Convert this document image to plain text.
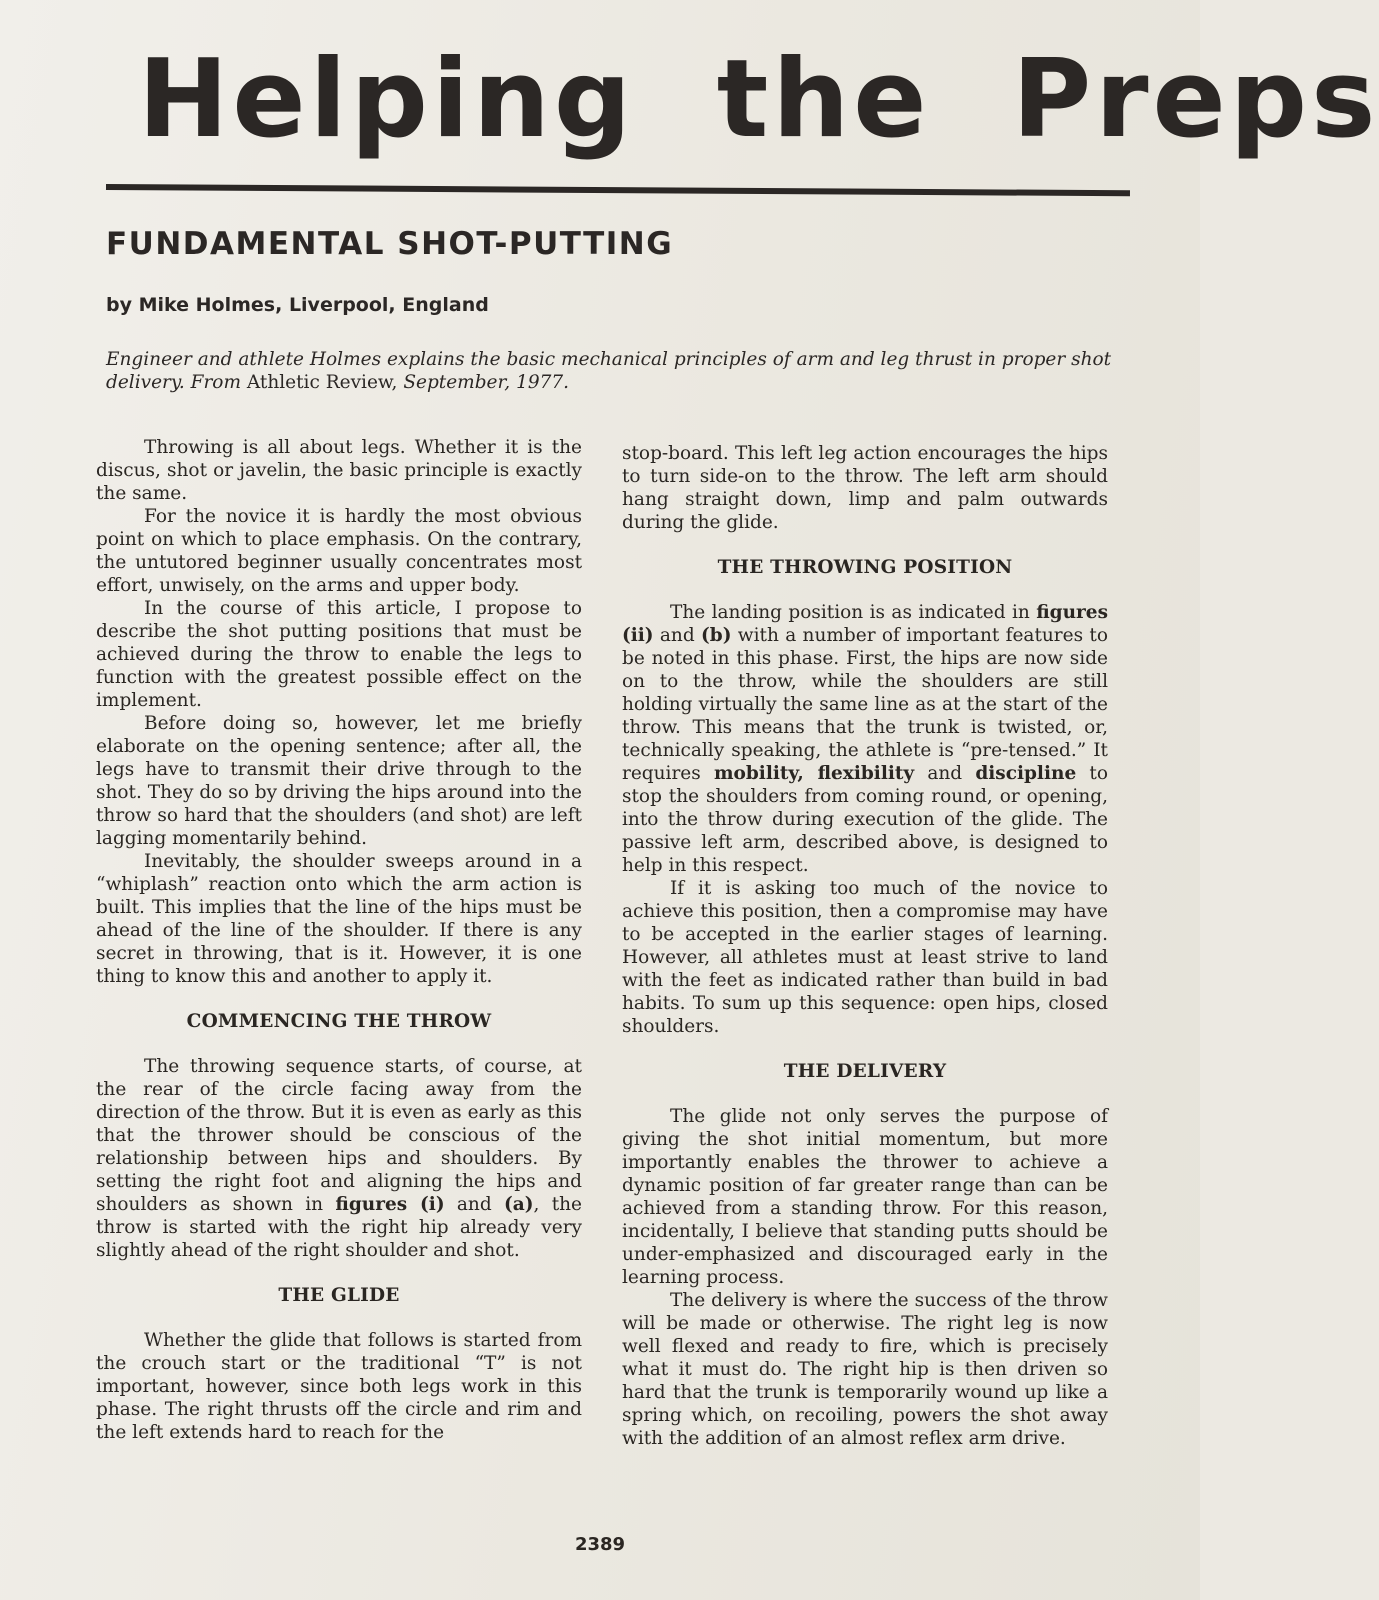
Helping the Preps
FUNDAMENTAL SHOT-PUTTING
by Mike Holmes, Liverpool, England
Engineer and athlete Holmes explains the basic mechanical principles of arm and leg thrust in proper shot delivery. From Athletic Review, September, 1977.

Throwing is all about legs. Whether it is the discus, shot or javelin, the basic principle is exactly the same.

For the novice it is hardly the most obvious point on which to place emphasis. On the contrary, the untutored beginner usually concentrates most effort, unwisely, on the arms and upper body.

In the course of this article, I propose to describe the shot putting positions that must be achieved during the throw to enable the legs to function with the greatest possible effect on the implement.

Before doing so, however, let me briefly elaborate on the opening sentence; after all, the legs have to transmit their drive through to the shot. They do so by driving the hips around into the throw so hard that the shoulders (and shot) are left lagging momentarily behind.

Inevitably, the shoulder sweeps around in a “whiplash” reaction onto which the arm action is built. This implies that the line of the hips must be ahead of the line of the shoulder. If there is any secret in throwing, that is it. However, it is one thing to know this and another to apply it.

COMMENCING THE THROW

The throwing sequence starts, of course, at the rear of the circle facing away from the direction of the throw. But it is even as early as this that the thrower should be conscious of the relationship between hips and shoulders. By setting the right foot and aligning the hips and shoulders as shown in figures (i) and (a), the throw is started with the right hip already very slightly ahead of the right shoulder and shot.

THE GLIDE

Whether the glide that follows is started from the crouch start or the traditional “T” is not important, however, since both legs work in this phase. The right thrusts off the circle and rim and the left extends hard to reach for the

stop-board. This left leg action encourages the hips to turn side-on to the throw. The left arm should hang straight down, limp and palm outwards during the glide.

THE THROWING POSITION

The landing position is as indicated in figures (ii) and (b) with a number of important features to be noted in this phase. First, the hips are now side on to the throw, while the shoulders are still holding virtually the same line as at the start of the throw. This means that the trunk is twisted, or, technically speaking, the athlete is “pre-tensed.” It requires mobility, flexibility and discipline to stop the shoulders from coming round, or opening, into the throw during execution of the glide. The passive left arm, described above, is designed to help in this respect.

If it is asking too much of the novice to achieve this position, then a compromise may have to be accepted in the earlier stages of learning. However, all athletes must at least strive to land with the feet as indicated rather than build in bad habits. To sum up this sequence: open hips, closed shoulders.

THE DELIVERY

The glide not only serves the purpose of giving the shot initial momentum, but more importantly enables the thrower to achieve a dynamic position of far greater range than can be achieved from a standing throw. For this reason, incidentally, I believe that standing putts should be under-emphasized and discouraged early in the learning process.

The delivery is where the success of the throw will be made or otherwise. The right leg is now well flexed and ready to fire, which is precisely what it must do. The right hip is then driven so hard that the trunk is temporarily wound up like a spring which, on recoiling, powers the shot away with the addition of an almost reflex arm drive.

2389
